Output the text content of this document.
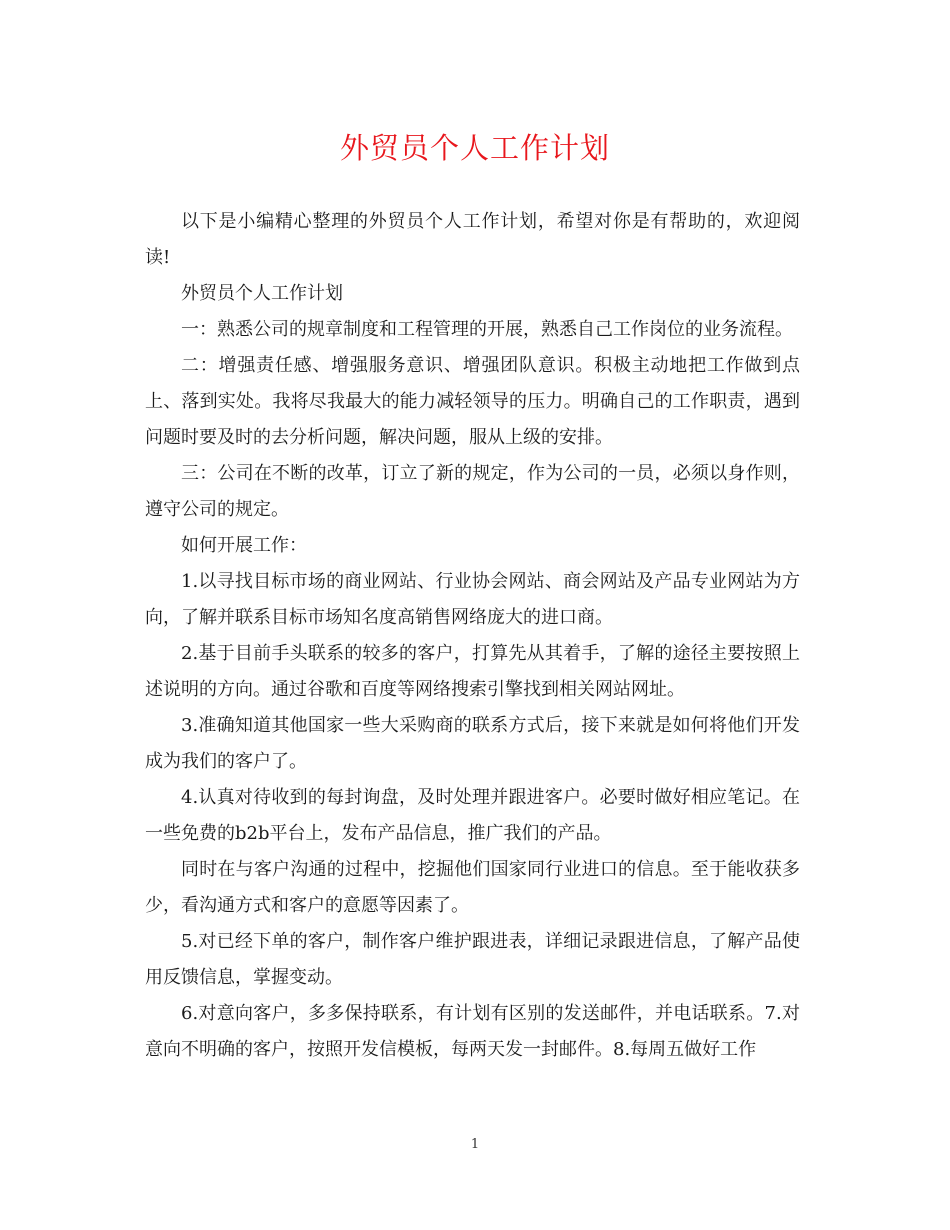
外贸员个人工作计划

以下是小编精心整理的外贸员个人工作计划，希望对你是有帮助的，欢迎阅读!

外贸员个人工作计划

一：熟悉公司的规章制度和工程管理的开展，熟悉自己工作岗位的业务流程。

二：增强责任感、增强服务意识、增强团队意识。积极主动地把工作做到点上、落到实处。我将尽我最大的能力减轻领导的压力。明确自己的工作职责，遇到问题时要及时的去分析问题，解决问题，服从上级的安排。

三：公司在不断的改革，订立了新的规定，作为公司的一员，必须以身作则，遵守公司的规定。

如何开展工作：

1.以寻找目标市场的商业网站、行业协会网站、商会网站及产品专业网站为方向，了解并联系目标市场知名度高销售网络庞大的进口商。

2.基于目前手头联系的较多的客户，打算先从其着手，了解的途径主要按照上述说明的方向。通过谷歌和百度等网络搜索引擎找到相关网站网址。

3.准确知道其他国家一些大采购商的联系方式后，接下来就是如何将他们开发成为我们的客户了。

4.认真对待收到的每封询盘，及时处理并跟进客户。必要时做好相应笔记。在一些免费的b2b平台上，发布产品信息，推广我们的产品。

同时在与客户沟通的过程中，挖掘他们国家同行业进口的信息。至于能收获多少，看沟通方式和客户的意愿等因素了。

5.对已经下单的客户，制作客户维护跟进表，详细记录跟进信息，了解产品使用反馈信息，掌握变动。

6.对意向客户，多多保持联系，有计划有区别的发送邮件，并电话联系。7.对意向不明确的客户，按照开发信模板，每两天发一封邮件。8.每周五做好工作

1
